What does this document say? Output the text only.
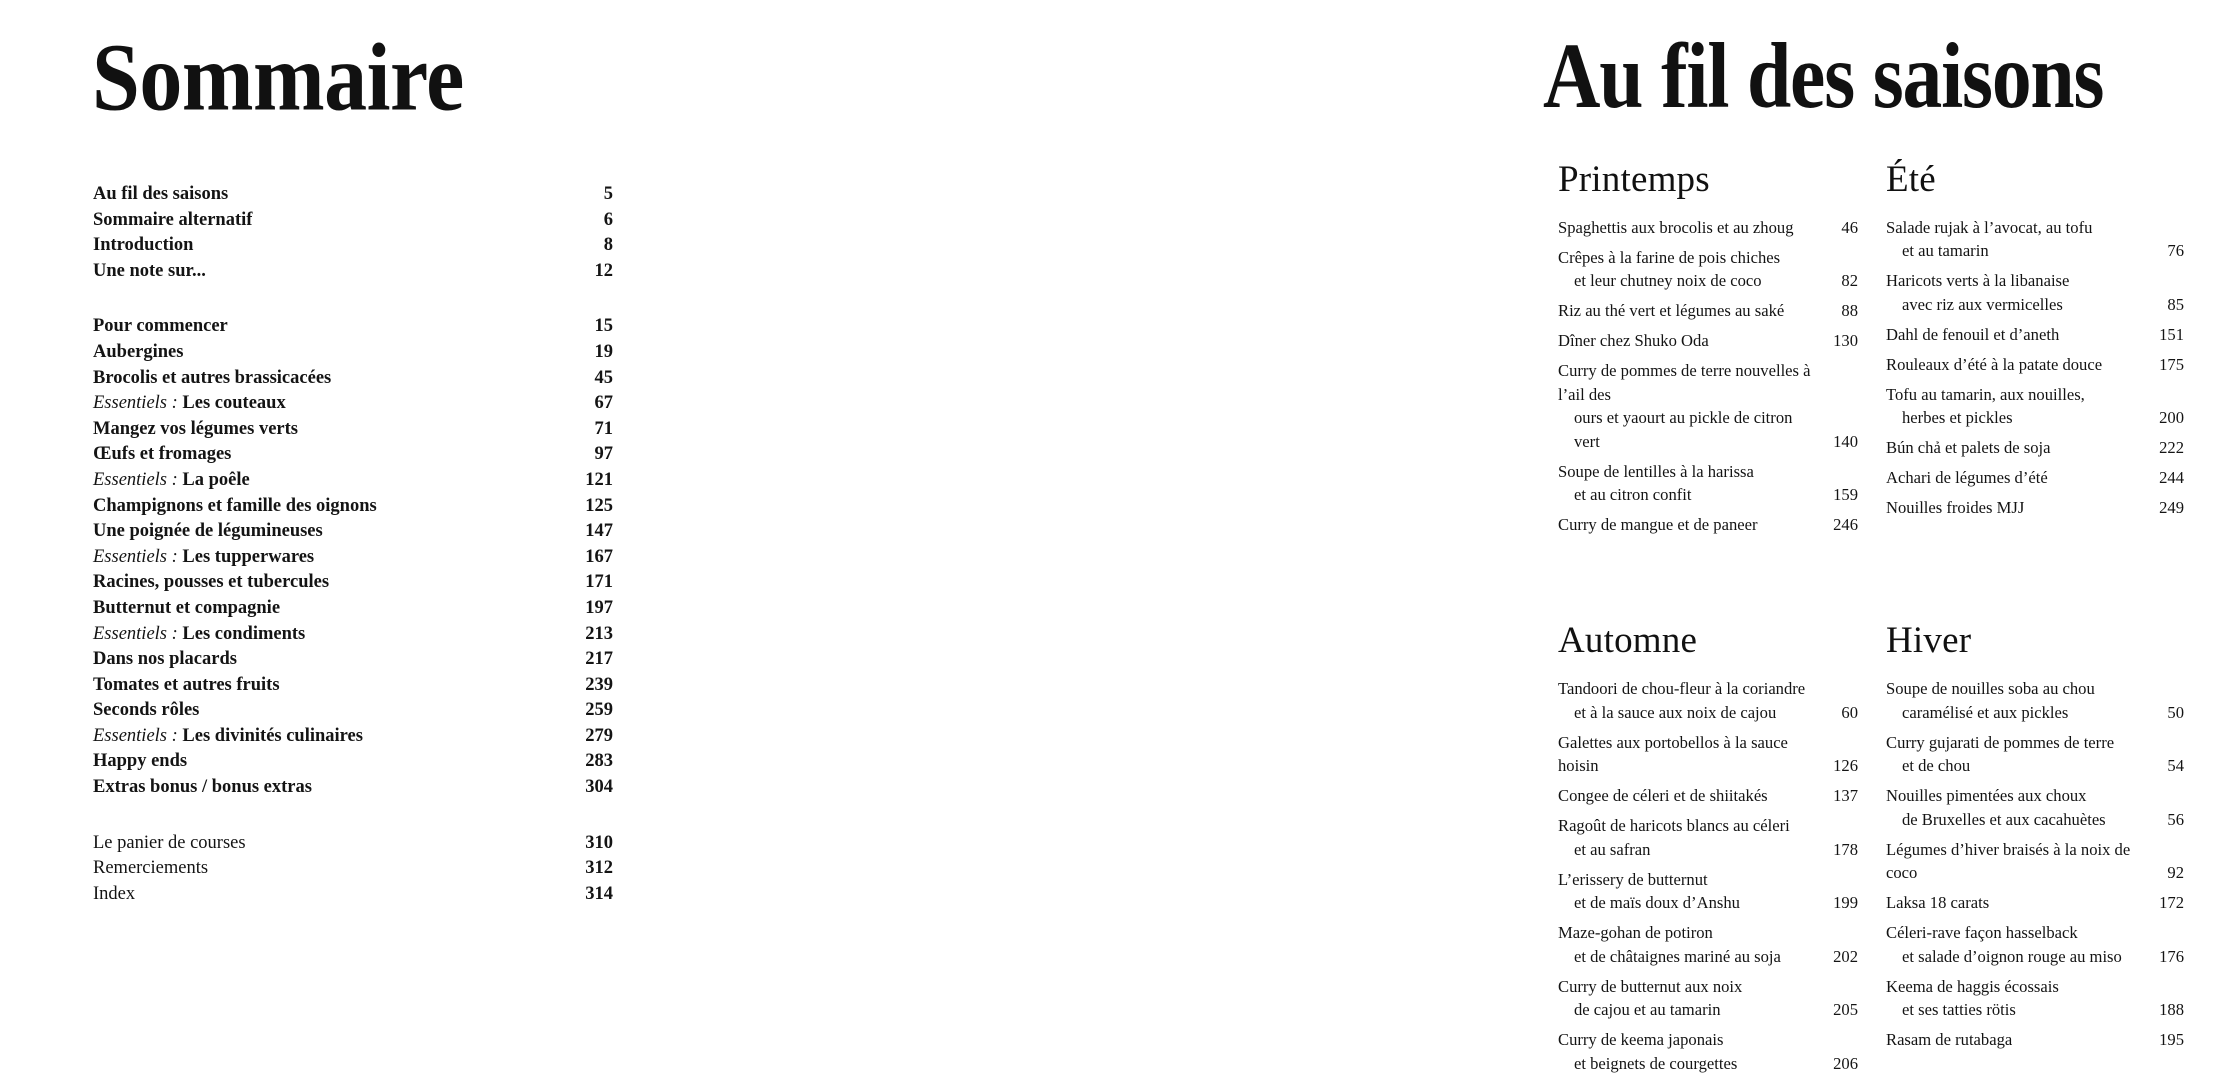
Sommaire
Au fil des saisons	5
Sommaire alternatif	6
Introduction	8
Une note sur...	12
Pour commencer	15
Aubergines	19
Brocolis et autres brassicacées	45
Essentiels : Les couteaux	67
Mangez vos légumes verts	71
Œufs et fromages	97
Essentiels : La poêle	121
Champignons et famille des oignons	125
Une poignée de légumineuses	147
Essentiels : Les tupperwares	167
Racines, pousses et tubercules	171
Butternut et compagnie	197
Essentiels : Les condiments	213
Dans nos placards	217
Tomates et autres fruits	239
Seconds rôles	259
Essentiels : Les divinités culinaires	279
Happy ends	283
Extras bonus / bonus extras	304
Le panier de courses	310
Remerciements	312
Index	314
Au fil des saisons
Printemps
Spaghettis aux brocolis et au zhoug	46
Crêpes à la farine de pois chiches
et leur chutney noix de coco	82
Riz au thé vert et légumes au saké	88
Dîner chez Shuko Oda	130
Curry de pommes de terre nouvelles à l’ail des
ours et yaourt au pickle de citron vert	140
Soupe de lentilles à la harissa
et au citron confit	159
Curry de mangue et de paneer	246
Été
Salade rujak à l’avocat, au tofu
et au tamarin	76
Haricots verts à la libanaise
avec riz aux vermicelles	85
Dahl de fenouil et d’aneth	151
Rouleaux d’été à la patate douce	175
Tofu au tamarin, aux nouilles,
herbes et pickles	200
Bún chả et palets de soja	222
Achari de légumes d’été	244
Nouilles froides MJJ	249
Automne
Tandoori de chou-fleur à la coriandre
et à la sauce aux noix de cajou	60
Galettes aux portobellos à la sauce hoisin	126
Congee de céleri et de shiitakés	137
Ragoût de haricots blancs au céleri
et au safran	178
L’erissery de butternut
et de maïs doux d’Anshu	199
Maze-gohan de potiron
et de châtaignes mariné au soja	202
Curry de butternut aux noix
de cajou et au tamarin	205
Curry de keema japonais
et beignets de courgettes	206
Hiver
Soupe de nouilles soba au chou
caramélisé et aux pickles	50
Curry gujarati de pommes de terre
et de chou	54
Nouilles pimentées aux choux
de Bruxelles et aux cacahuètes	56
Légumes d’hiver braisés à la noix de coco	92
Laksa 18 carats	172
Céleri-rave façon hasselback
et salade d’oignon rouge au miso	176
Keema de haggis écossais
et ses tatties rötis	188
Rasam de rutabaga	195
